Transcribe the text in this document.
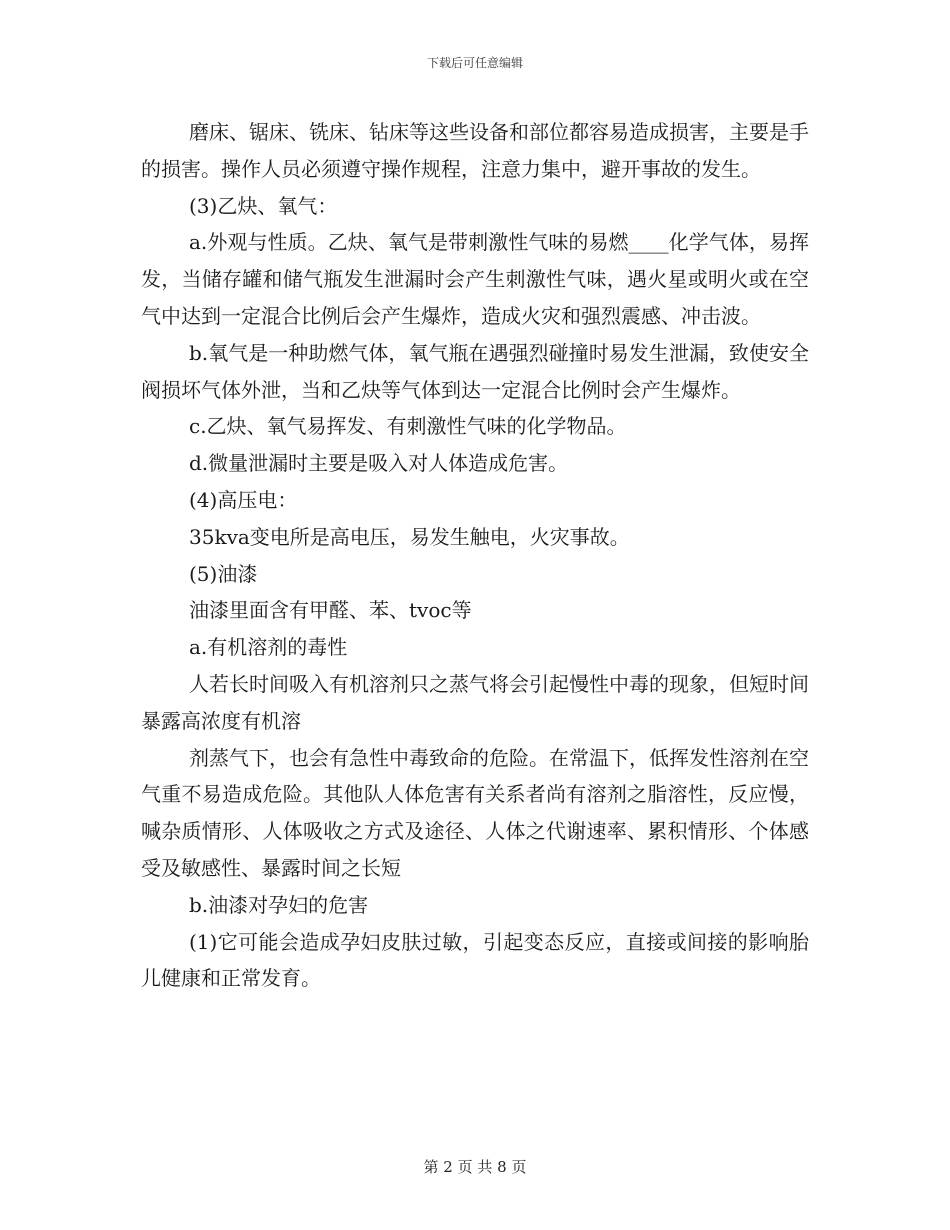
下载后可任意编辑

磨床、锯床、铣床、钻床等这些设备和部位都容易造成损害，主要是手的损害。操作人员必须遵守操作规程，注意力集中，避开事故的发生。

(3)乙炔、氧气：

a.外观与性质。乙炔、氧气是带刺激性气味的易燃____化学气体，易挥发，当储存罐和储气瓶发生泄漏时会产生刺激性气味，遇火星或明火或在空气中达到一定混合比例后会产生爆炸，造成火灾和强烈震感、冲击波。

b.氧气是一种助燃气体，氧气瓶在遇强烈碰撞时易发生泄漏，致使安全阀损坏气体外泄，当和乙炔等气体到达一定混合比例时会产生爆炸。

c.乙炔、氧气易挥发、有刺激性气味的化学物品。

d.微量泄漏时主要是吸入对人体造成危害。

(4)高压电：

35kva变电所是高电压，易发生触电，火灾事故。

(5)油漆

油漆里面含有甲醛、苯、tvoc等

a.有机溶剂的毒性

人若长时间吸入有机溶剂只之蒸气将会引起慢性中毒的现象，但短时间暴露高浓度有机溶

剂蒸气下，也会有急性中毒致命的危险。在常温下，低挥发性溶剂在空气重不易造成危险。其他队人体危害有关系者尚有溶剂之脂溶性，反应慢，喊杂质情形、人体吸收之方式及途径、人体之代谢速率、累积情形、个体感受及敏感性、暴露时间之长短

b.油漆对孕妇的危害

(1)它可能会造成孕妇皮肤过敏，引起变态反应，直接或间接的影响胎儿健康和正常发育。

第 2 页 共 8 页
